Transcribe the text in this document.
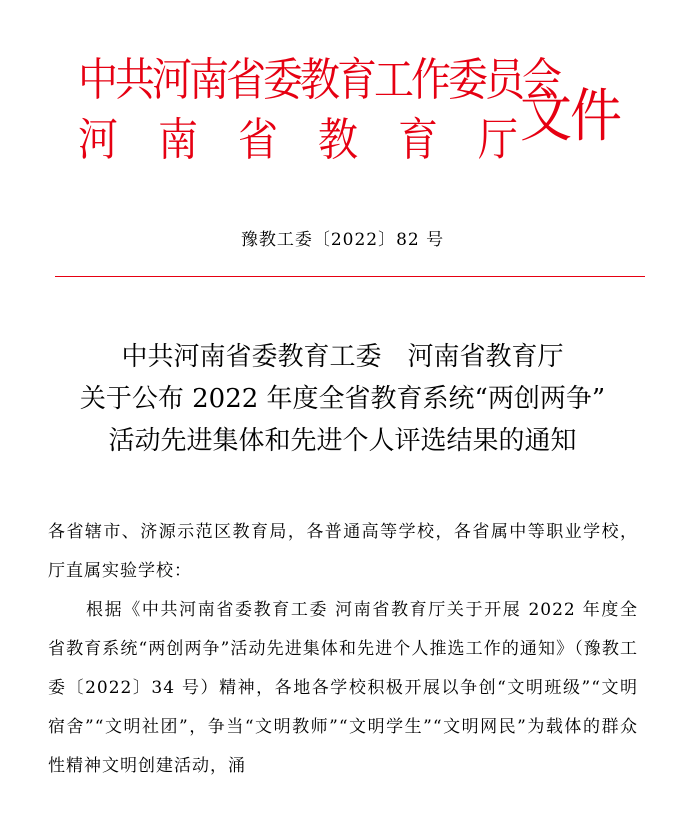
中共河南省委教育工作委员会
河 南 省 教 育 厅 文件
豫教工委〔2022〕82 号
中共河南省委教育工委　河南省教育厅
关于公布 2022 年度全省教育系统“两创两争”
活动先进集体和先进个人评选结果的通知

各省辖市、济源示范区教育局，各普通高等学校，各省属中等职业学校，厅直属实验学校：

根据《中共河南省委教育工委 河南省教育厅关于开展 2022 年度全省教育系统“两创两争”活动先进集体和先进个人推选工作的通知》（豫教工委〔2022〕34 号）精神，各地各学校积极开展以争创“文明班级”“文明宿舍”“文明社团”，争当“文明教师”“文明学生”“文明网民”为载体的群众性精神文明创建活动，涌
